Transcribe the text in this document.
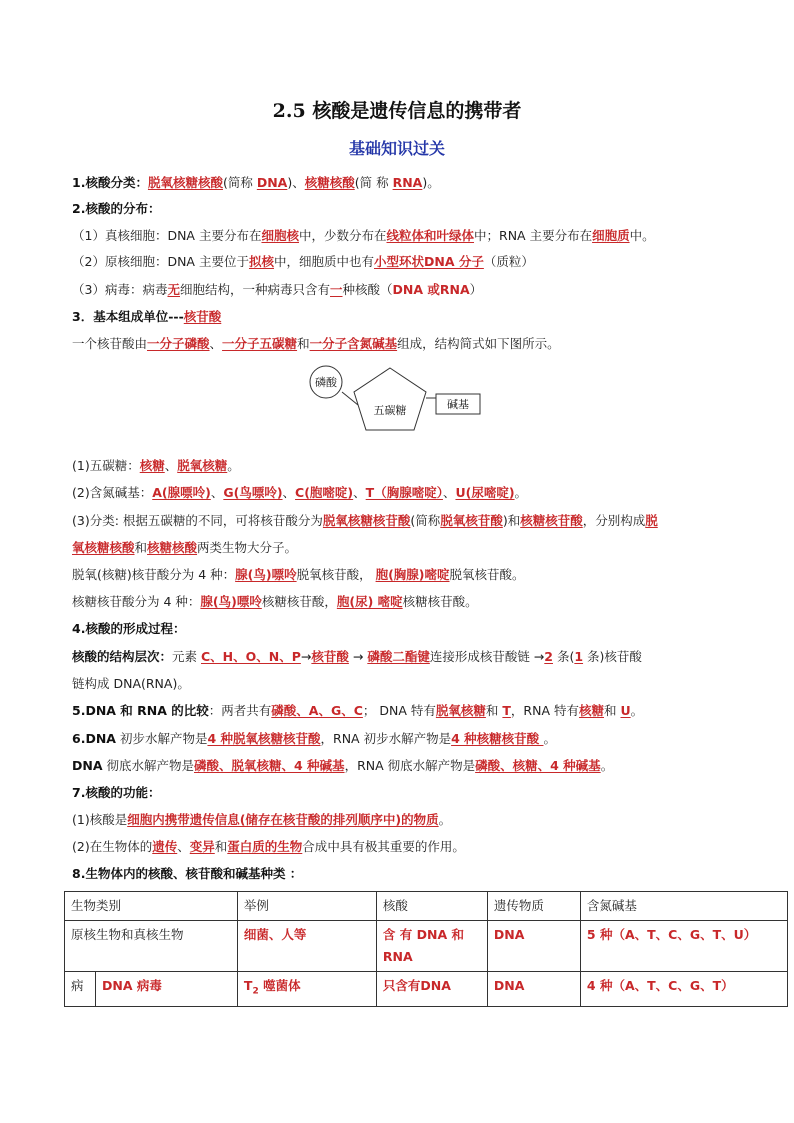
2.5 核酸是遗传信息的携带者
基础知识过关
1.核酸分类：脱氧核糖核酸(简称 DNA)、核糖核酸(简 称 RNA)。
2.核酸的分布：
（1）真核细胞：DNA 主要分布在细胞核中，少数分布在线粒体和叶绿体中；RNA 主要分布在细胞质中。
（2）原核细胞：DNA 主要位于拟核中，细胞质中也有小型环状DNA 分子（质粒）
（3）病毒：病毒无细胞结构，一种病毒只含有一种核酸（DNA 或RNA）
3．基本组成单位---核苷酸
一个核苷酸由一分子磷酸、一分子五碳糖和一分子含氮碱基组成，结构简式如下图所示。
磷酸
五碳糖	碱基
(1)五碳糖：核糖、脱氧核糖。
(2)含氮碱基：A(腺嘌呤)、G(鸟嘌呤)、C(胞嘧啶)、T（胸腺嘧啶）、U(尿嘧啶)。
(3)分类: 根据五碳糖的不同，可将核苷酸分为脱氧核糖核苷酸(简称脱氧核苷酸)和核糖核苷酸，分别构成脱
氧核糖核酸和核糖核酸两类生物大分子。
脱氧(核糖)核苷酸分为 4 种：腺(鸟)嘌呤脱氧核苷酸， 胞(胸腺)嘧啶脱氧核苷酸。
核糖核苷酸分为 4 种：腺(鸟)嘌呤核糖核苷酸，胞(尿) 嘧啶核糖核苷酸。
4.核酸的形成过程：
核酸的结构层次：元素 C、H、O、N、P→核苷酸 → 磷酸二酯键连接形成核苷酸链 →2 条(1 条)核苷酸
链构成 DNA(RNA)。
5.DNA 和 RNA 的比较：两者共有磷酸、A、G、C； DNA 特有脱氧核糖和 T，RNA 特有核糖和 U。
6.DNA 初步水解产物是4 种脱氧核糖核苷酸，RNA 初步水解产物是4 种核糖核苷酸 。
DNA 彻底水解产物是磷酸、脱氧核糖、4 种碱基，RNA 彻底水解产物是磷酸、核糖、4 种碱基。
7.核酸的功能：
(1)核酸是细胞内携带遗传信息(储存在核苷酸的排列顺序中)的物质。
(2)在生物体的遗传、变异和蛋白质的生物合成中具有极其重要的作用。
8.生物体内的核酸、核苷酸和碱基种类 ：
生物类别		举例	核酸	遗传物质	含氮碱基
原核生物和真核生物		细菌、人等	含 有 DNA 和 RNA	DNA	5 种（A、T、C、G、T、U）
病	DNA 病毒	$T_2$ 噬菌体	只含有DNA	DNA	4 种（A、T、C、G、T）
